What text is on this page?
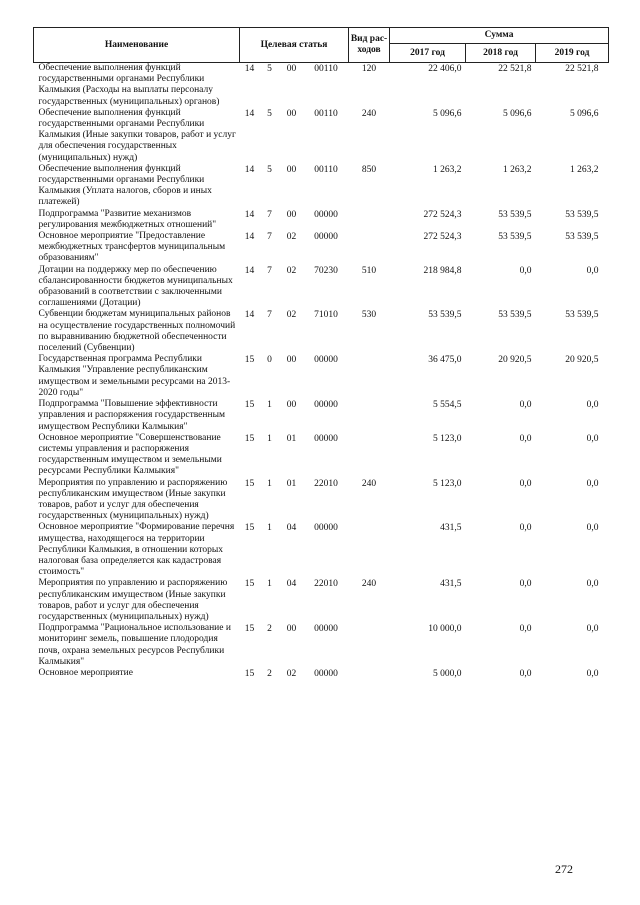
Наименование	Целевая статья				Вид рас-ходов	Сумма		
						2017 год	2018 год	2019 год
Обеспечение выполнения функций государственными органами Республики Калмыкия (Расходы на выплаты персоналу государственных (муниципальных) органов)	14	5	00	00110	120	22 406,0	22 521,8	22 521,8
Обеспечение выполнения функций государственными органами Республики Калмыкия (Иные закупки товаров, работ и услуг для обеспечения государственных (муниципальных) нужд)	14	5	00	00110	240	5 096,6	5 096,6	5 096,6
Обеспечение выполнения функций государственными органами Республики Калмыкия (Уплата налогов, сборов и иных платежей)	14	5	00	00110	850	1 263,2	1 263,2	1 263,2
Подпрограмма "Развитие механизмов регулирования межбюджетных отношений"	14	7	00	00000		272 524,3	53 539,5	53 539,5
Основное мероприятие "Предоставление межбюджетных трансфертов муниципальным образованиям"	14	7	02	00000		272 524,3	53 539,5	53 539,5
Дотации на поддержку мер по обеспечению сбалансированности бюджетов муниципальных образований в соответствии с заключенными соглашениями (Дотации)	14	7	02	70230	510	218 984,8	0,0	0,0
Субвенции бюджетам муниципальных районов на осуществление государственных полномочий по выравниванию бюджетной обеспеченности поселений (Субвенции)	14	7	02	71010	530	53 539,5	53 539,5	53 539,5
Государственная программа Республики Калмыкия "Управление республиканским имуществом и земельными ресурсами на 2013-2020 годы"	15	0	00	00000		36 475,0	20 920,5	20 920,5
Подпрограмма "Повышение эффективности управления и распоряжения государственным имуществом Республики Калмыкия"	15	1	00	00000		5 554,5	0,0	0,0
Основное мероприятие "Совершенствование системы управления и распоряжения государственным имуществом и земельными ресурсами Республики Калмыкия"	15	1	01	00000		5 123,0	0,0	0,0
Мероприятия по управлению и распоряжению республиканским имуществом (Иные закупки товаров, работ и услуг для обеспечения государственных (муниципальных) нужд)	15	1	01	22010	240	5 123,0	0,0	0,0
Основное мероприятие "Формирование перечня имущества, находящегося на территории Республики Калмыкия, в отношении которых налоговая база определяется как кадастровая стоимость"	15	1	04	00000		431,5	0,0	0,0
Мероприятия по управлению и распоряжению республиканским имуществом (Иные закупки товаров, работ и услуг для обеспечения государственных (муниципальных) нужд)	15	1	04	22010	240	431,5	0,0	0,0
Подпрограмма "Рациональное использование и мониторинг земель, повышение плодородия почв, охрана земельных ресурсов Республики Калмыкия"	15	2	00	00000		10 000,0	0,0	0,0
Основное мероприятие	15	2	02	00000		5 000,0	0,0	0,0
272
